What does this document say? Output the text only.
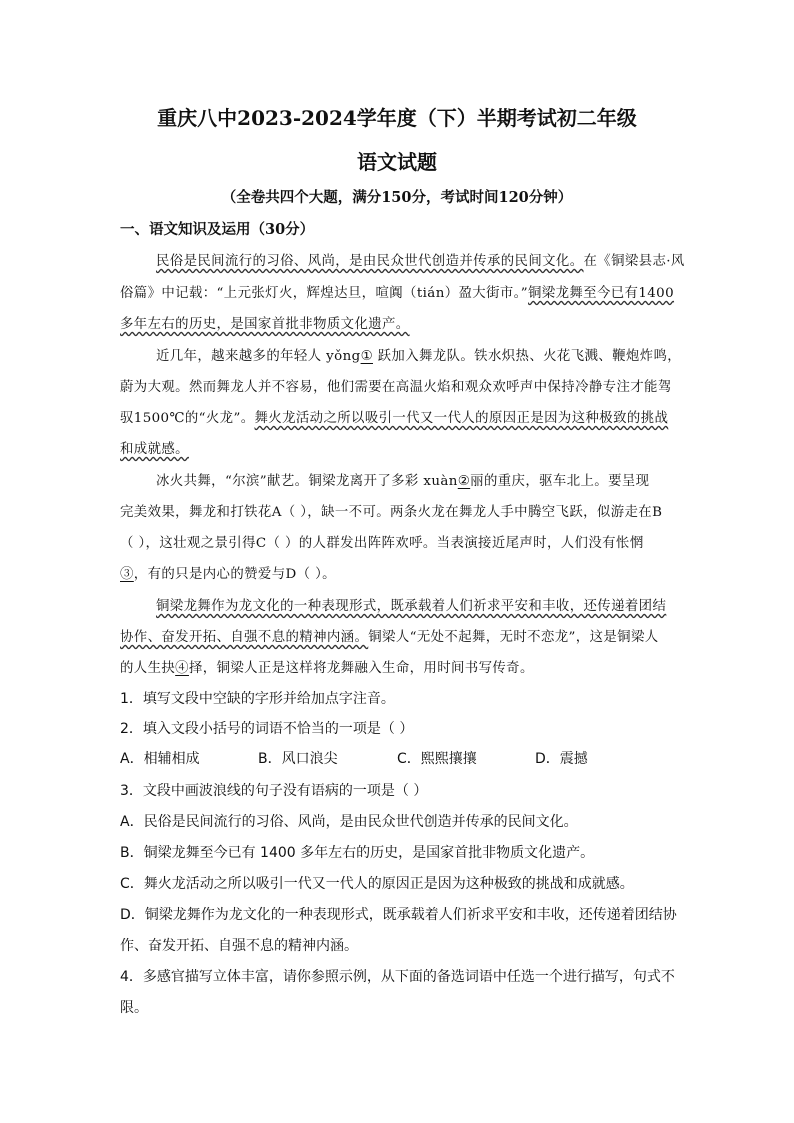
重庆八中2023-2024学年度（下）半期考试初二年级
语文试题
（全卷共四个大题，满分150分，考试时间120分钟）
一、语文知识及运用（30分）
民俗是民间流行的习俗、风尚，是由民众世代创造并传承的民间文化。在《铜梁县志·风
俗篇》中记载：“上元张灯火，辉煌达旦，喧阗（tián）盈大街市。”铜梁龙舞至今已有1400
多年左右的历史，是国家首批非物质文化遗产。
近几年，越来越多的年轻人 yǒng① 跃加入舞龙队。铁水炽热、火花飞溅、鞭炮炸鸣，
蔚为大观。然而舞龙人并不容易，他们需要在高温火焰和观众欢呼声中保持冷静专注才能驾
驭1500℃的“火龙”。舞火龙活动之所以吸引一代又一代人的原因正是因为这种极致的挑战
和成就感。
冰火共舞，“尔滨”献艺。铜梁龙离开了多彩 xuàn②丽的重庆，驱车北上。要呈现
完美效果，舞龙和打铁花A（ ），缺一不可。两条火龙在舞龙人手中腾空飞跃，似游走在B
（ ），这壮观之景引得C（ ）的人群发出阵阵欢呼。当表演接近尾声时，人们没有怅惘
③，有的只是内心的赞爱与D（ ）。
铜梁龙舞作为龙文化的一种表现形式，既承载着人们祈求平安和丰收，还传递着团结
协作、奋发开拓、自强不息的精神内涵。铜梁人“无处不起舞，无时不恋龙”，这是铜梁人
的人生抉④择，铜梁人正是这样将龙舞融入生命，用时间书写传奇。
1．填写文段中空缺的字形并给加点字注音。
2．填入文段小括号的词语不恰当的一项是（ ）
A．相辅相成	B．风口浪尖	C．熙熙攘攘	D．震撼
3．文段中画波浪线的句子没有语病的一项是（ ）
A．民俗是民间流行的习俗、风尚，是由民众世代创造并传承的民间文化。
B．铜梁龙舞至今已有 1400 多年左右的历史，是国家首批非物质文化遗产。
C．舞火龙活动之所以吸引一代又一代人的原因正是因为这种极致的挑战和成就感。
D．铜梁龙舞作为龙文化的一种表现形式，既承载着人们祈求平安和丰收，还传递着团结协
作、奋发开拓、自强不息的精神内涵。
4．多感官描写立体丰富，请你参照示例，从下面的备选词语中任选一个进行描写，句式不
限。
